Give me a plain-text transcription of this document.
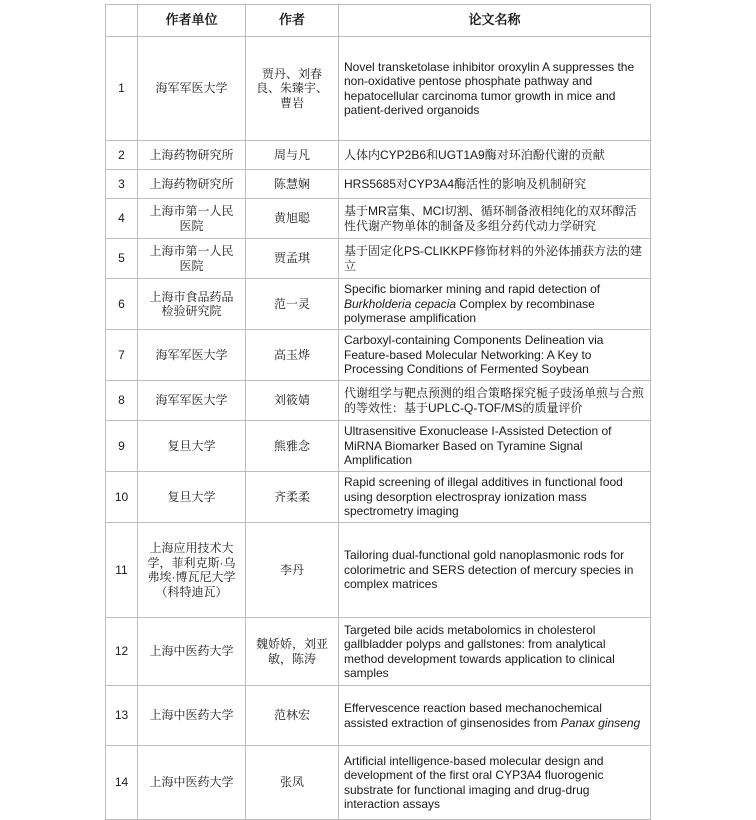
	作者单位	作者	论文名称
1	海军军医大学	贾丹、刘春良、朱臻宇、曹岩	Novel transketolase inhibitor oroxylin A suppresses the non-oxidative pentose phosphate pathway and hepatocellular carcinoma tumor growth in mice and patient-derived organoids
2	上海药物研究所	周与凡	人体内CYP2B6和UGT1A9酶对环泊酚代谢的贡献
3	上海药物研究所	陈慧娴	HRS5685对CYP3A4酶活性的影响及机制研究
4	上海市第一人民医院	黄旭聪	基于MR富集、MCI切割、循环制备液相纯化的双环醇活性代谢产物单体的制备及多组分药代动力学研究
5	上海市第一人民医院	贾孟琪	基于固定化PS-CLIKKPF修饰材料的外泌体捕获方法的建立
6	上海市食品药品检验研究院	范一灵	Specific biomarker mining and rapid detection of Burkholderia cepacia Complex by recombinase polymerase amplification
7	海军军医大学	高玉烨	Carboxyl-containing Components Delineation via Feature-based Molecular Networking: A Key to Processing Conditions of Fermented Soybean
8	海军军医大学	刘筱婧	代谢组学与靶点预测的组合策略探究栀子豉汤单煎与合煎的等效性：基于UPLC-Q-TOF/MS的质量评价
9	复旦大学	熊雅念	Ultrasensitive Exonuclease I-Assisted Detection of MiRNA Biomarker Based on Tyramine Signal Amplification
10	复旦大学	齐柔柔	Rapid screening of illegal additives in functional food using desorption electrospray ionization mass spectrometry imaging
11	上海应用技术大学，菲利克斯·乌弗埃·博瓦尼大学（科特迪瓦）	李丹	Tailoring dual-functional gold nanoplasmonic rods for colorimetric and SERS detection of mercury species in complex matrices
12	上海中医药大学	魏娇娇，刘亚敏，陈涛	Targeted bile acids metabolomics in cholesterol gallbladder polyps and gallstones: from analytical method development towards application to clinical samples
13	上海中医药大学	范林宏	Effervescence reaction based mechanochemical assisted extraction of ginsenosides from Panax ginseng
14	上海中医药大学	张凤	Artificial intelligence-based molecular design and development of the first oral CYP3A4 fluorogenic substrate for functional imaging and drug-drug interaction assays
